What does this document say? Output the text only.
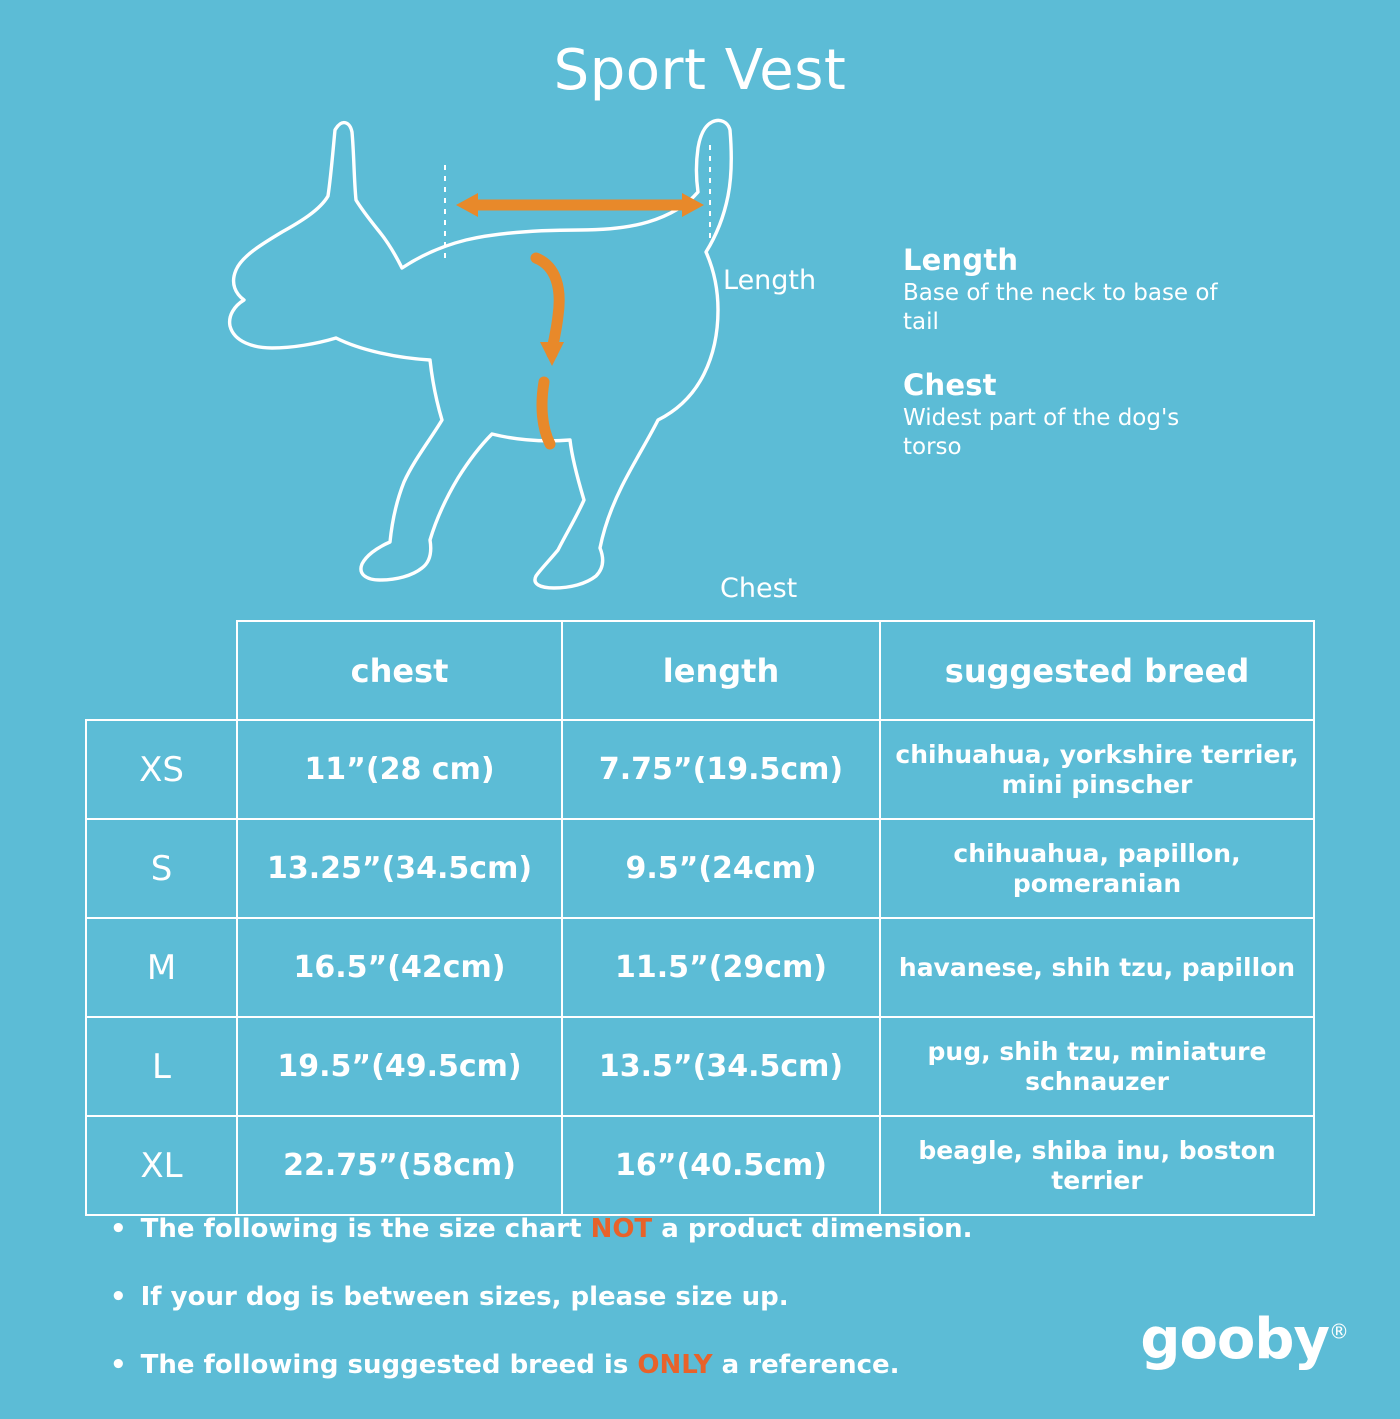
Sport Vest
Length
Chest
Length

Base of the neck to base of tail

Chest

Widest part of the dog's torso

	chest	length	suggested breed
XS	11”(28 cm)	7.75”(19.5cm)	chihuahua, yorkshire terrier, mini pinscher
S	13.25”(34.5cm)	9.5”(24cm)	chihuahua, papillon, pomeranian
M	16.5”(42cm)	11.5”(29cm)	havanese, shih tzu, papillon
L	19.5”(49.5cm)	13.5”(34.5cm)	pug, shih tzu, miniature schnauzer
XL	22.75”(58cm)	16”(40.5cm)	beagle, shiba inu, boston terrier
• The following is the size chart NOT a product dimension.
• If your dog is between sizes, please size up.
• The following suggested breed is ONLY a reference.	gooby®
